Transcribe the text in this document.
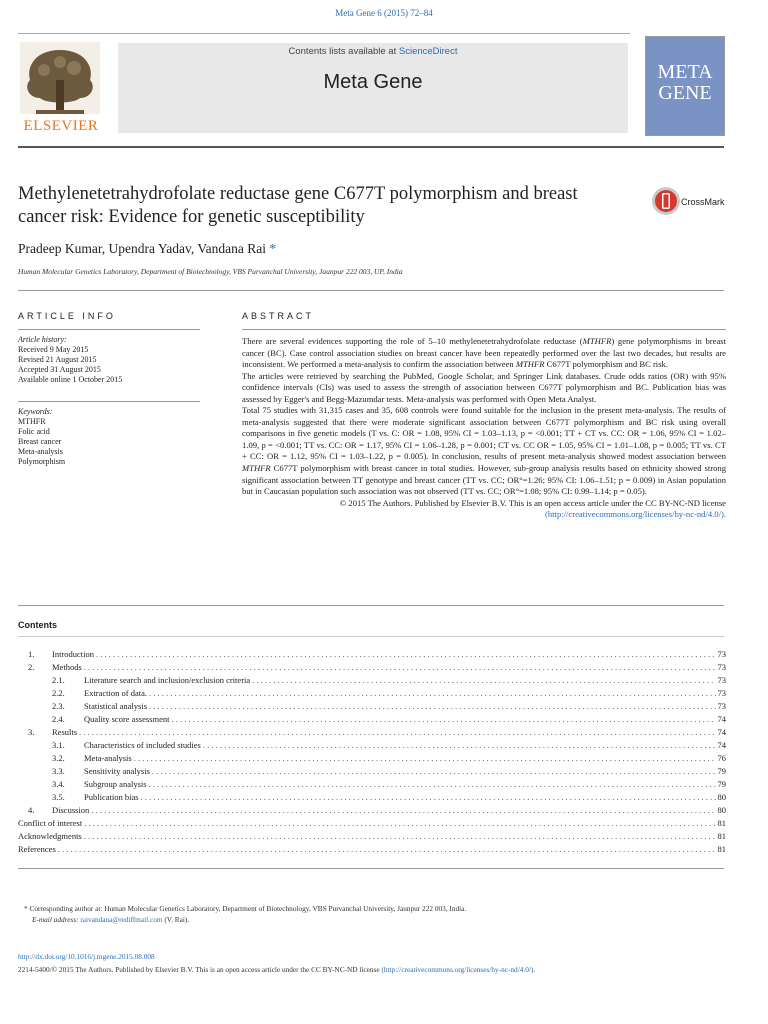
Meta Gene 6 (2015) 72–84
ELSEVIER
Contents lists available at ScienceDirect
Meta Gene	META
GENE
Methylenetetrahydrofolate reductase gene C677T polymorphism and breast cancer risk: Evidence for genetic susceptibility
CrossMark
Pradeep Kumar, Upendra Yadav, Vandana Rai *
Human Molecular Genetics Laboratory, Department of Biotechnology, VBS Purvanchal University, Jaunpur 222 003, UP, India
ARTICLE INFO
Article history:
Received 9 May 2015
Revised 21 August 2015
Accepted 31 August 2015
Available online 1 October 2015
Keywords:
MTHFR
Folic acid
Breast cancer
Meta-analysis
Polymorphism
ABSTRACT

There are several evidences supporting the role of 5–10 methylenetetrahydrofolate reductase (MTHFR) gene polymorphisms in breast cancer (BC). Case control association studies on breast cancer have been repeatedly performed over the last two decades, but results are inconsistent. We performed a meta-analysis to confirm the association between MTHFR C677T polymorphism and BC risk.

The articles were retrieved by searching the PubMed, Google Scholar, and Springer Link databases. Crude odds ratios (OR) with 95% confidence intervals (CIs) was used to assess the strength of association between C677T polymorphism and BC. Publication bias was assessed by Egger's and Begg-Mazumdar tests. Meta-analysis was performed with Open Meta Analyst.

Total 75 studies with 31,315 cases and 35, 608 controls were found suitable for the inclusion in the present meta-analysis. The results of meta-analysis suggested that there were moderate significant association between C677T polymorphism and BC risk using overall comparisons in five genetic models (T vs. C: OR = 1.08, 95% CI = 1.03–1.13, p = <0.001; TT + CT vs. CC: OR = 1.06, 95% CI = 1.02–1.09, p = <0.001; TT vs. CC: OR = 1.17, 95% CI = 1.06–1.28, p = 0.001; CT vs. CC OR = 1.05, 95% CI = 1.01–1.08, p = 0.005; TT vs. CT + CC: OR = 1.12, 95% CI = 1.03–1.22, p = 0.005). In conclusion, results of present meta-analysis showed modest association between MTHFR C677T polymorphism with breast cancer in total studies. However, sub-group analysis results based on ethnicity showed strong significant association between TT genotype and breast cancer (TT vs. CC; OR°=1.26; 95% CI: 1.06–1.51; p = 0.009) in Asian population but in Caucasian population such association was not observed (TT vs. CC; OR°=1.08; 95% CI: 0.99–1.14; p = 0.05).

© 2015 The Authors. Published by Elsevier B.V. This is an open access article under the CC BY-NC-ND license
(http://creativecommons.org/licenses/by-nc-nd/4.0/).

Contents
1.	Introduction . . .	73
2.	Methods . . .	73
2.1.	Literature search and inclusion/exclusion criteria . . .	73
2.2.	Extraction of data. . . .	73
2.3.	Statistical analysis . . .	73
2.4.	Quality score assessment . . .	74
3.	Results . . .	74
3.1.	Characteristics of included studies . . .	74
3.2.	Meta-analysis . . .	76
3.3.	Sensitivity analysis . . .	79
3.4.	Subgroup analysis . . .	79
3.5.	Publication bias . . .	80
4.	Discussion . . .	80
Conflict of interest . . .	81
Acknowledgments . . .	81
References . . .	81
* Corresponding author at: Human Molecular Genetics Laboratory, Department of Biotechnology, VBS Purvanchal University, Jaunpur 222 003, India.
E-mail address: raivandana@rediffmail.com (V. Rai).
http://dx.doi.org/10.1016/j.mgene.2015.08.008
2214-5400/© 2015 The Authors. Published by Elsevier B.V. This is an open access article under the CC BY-NC-ND license (http://creativecommons.org/licenses/by-nc-nd/4.0/).
